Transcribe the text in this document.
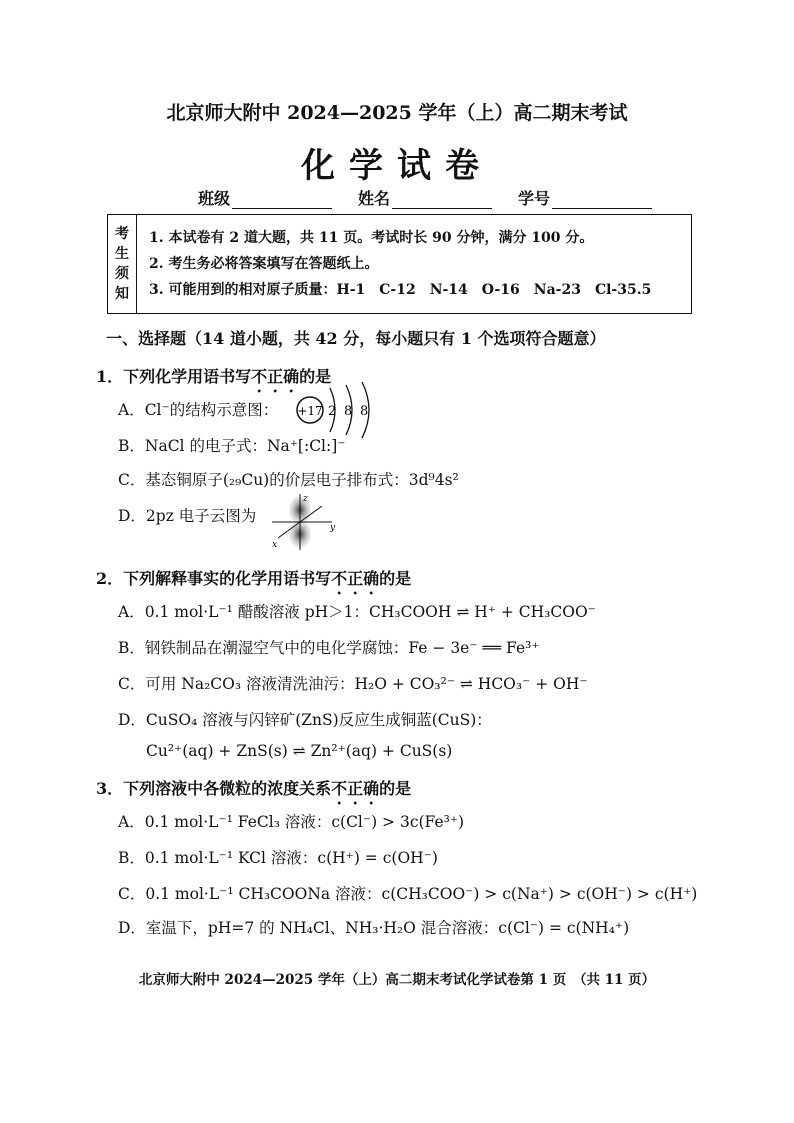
北京师大附中 2024—2025 学年（上）高二期末考试
化学试卷
班级	姓名	学号
考
生
须
知
1. 本试卷有 2 道大题，共 11 页。考试时长 90 分钟，满分 100 分。
2. 考生务必将答案填写在答题纸上。
3. 可能用到的相对原子质量：H-1　C-12　N-14　O-16　Na-23　Cl-35.5
一、选择题（14 道小题，共 42 分，每小题只有 1 个选项符合题意）
1．下列化学用语书写不正确的是
A．Cl⁻的结构示意图： +17 2 8 8
B．NaCl 的电子式：Na⁺[:Cl:]⁻
C．基态铜原子(₂₉Cu)的价层电子排布式：3d⁹4s²
D．2pz 电子云图为
z
y
x
2．下列解释事实的化学用语书写不正确的是
A．0.1 mol·L⁻¹ 醋酸溶液 pH＞1：CH₃COOH ⇌ H⁺ + CH₃COO⁻
B．钢铁制品在潮湿空气中的电化学腐蚀：Fe − 3e⁻ ══ Fe³⁺
C．可用 Na₂CO₃ 溶液清洗油污：H₂O + CO₃²⁻ ⇌ HCO₃⁻ + OH⁻
D．CuSO₄ 溶液与闪锌矿(ZnS)反应生成铜蓝(CuS)：
Cu²⁺(aq) + ZnS(s) ⇌ Zn²⁺(aq) + CuS(s)
3．下列溶液中各微粒的浓度关系不正确的是
A．0.1 mol·L⁻¹ FeCl₃ 溶液：c(Cl⁻) > 3c(Fe³⁺)
B．0.1 mol·L⁻¹ KCl 溶液：c(H⁺) = c(OH⁻)
C．0.1 mol·L⁻¹ CH₃COONa 溶液：c(CH₃COO⁻) > c(Na⁺) > c(OH⁻) > c(H⁺)
D．室温下，pH=7 的 NH₄Cl、NH₃·H₂O 混合溶液：c(Cl⁻) = c(NH₄⁺)
北京师大附中 2024—2025 学年（上）高二期末考试化学试卷第 1 页　（共 11 页）
